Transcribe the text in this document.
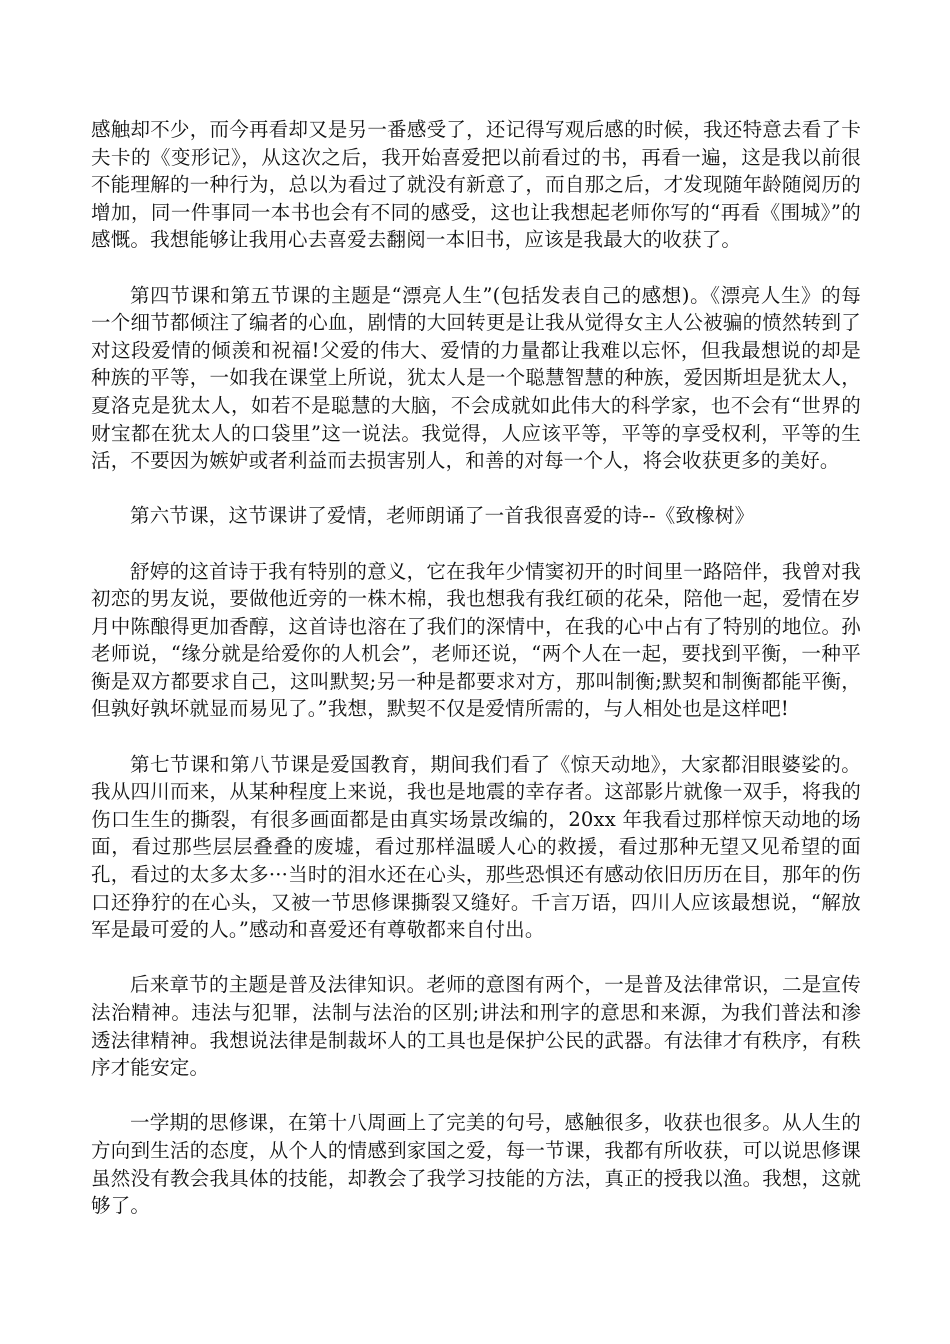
感触却不少，而今再看却又是另一番感受了，还记得写观后感的时候，我还特意去看了卡夫卡的《变形记》，从这次之后，我开始喜爱把以前看过的书，再看一遍，这是我以前很不能理解的一种行为，总以为看过了就没有新意了，而自那之后，才发现随年龄随阅历的增加，同一件事同一本书也会有不同的感受，这也让我想起老师你写的“再看《围城》”的感慨。我想能够让我用心去喜爱去翻阅一本旧书，应该是我最大的收获了。

第四节课和第五节课的主题是“漂亮人生”(包括发表自己的感想)。《漂亮人生》的每一个细节都倾注了编者的心血，剧情的大回转更是让我从觉得女主人公被骗的愤然转到了对这段爱情的倾羡和祝福!父爱的伟大、爱情的力量都让我难以忘怀，但我最想说的却是种族的平等，一如我在课堂上所说，犹太人是一个聪慧智慧的种族，爱因斯坦是犹太人，夏洛克是犹太人，如若不是聪慧的大脑，不会成就如此伟大的科学家，也不会有“世界的财宝都在犹太人的口袋里”这一说法。我觉得，人应该平等，平等的享受权利，平等的生活，不要因为嫉妒或者利益而去损害别人，和善的对每一个人，将会收获更多的美好。

第六节课，这节课讲了爱情，老师朗诵了一首我很喜爱的诗--《致橡树》

舒婷的这首诗于我有特别的意义，它在我年少情窦初开的时间里一路陪伴，我曾对我初恋的男友说，要做他近旁的一株木棉，我也想我有我红硕的花朵，陪他一起，爱情在岁月中陈酿得更加香醇，这首诗也溶在了我们的深情中，在我的心中占有了特别的地位。孙老师说，“缘分就是给爱你的人机会”，老师还说，“两个人在一起，要找到平衡，一种平衡是双方都要求自己，这叫默契;另一种是都要求对方，那叫制衡;默契和制衡都能平衡，但孰好孰坏就显而易见了。”我想，默契不仅是爱情所需的，与人相处也是这样吧!

第七节课和第八节课是爱国教育，期间我们看了《惊天动地》，大家都泪眼婆娑的。我从四川而来，从某种程度上来说，我也是地震的幸存者。这部影片就像一双手，将我的伤口生生的撕裂，有很多画面都是由真实场景改编的，20xx 年我看过那样惊天动地的场面，看过那些层层叠叠的废墟，看过那样温暖人心的救援，看过那种无望又见希望的面孔，看过的太多太多···当时的泪水还在心头，那些恐惧还有感动依旧历历在目，那年的伤口还狰狞的在心头，又被一节思修课撕裂又缝好。千言万语，四川人应该最想说，“解放军是最可爱的人。”感动和喜爱还有尊敬都来自付出。

后来章节的主题是普及法律知识。老师的意图有两个，一是普及法律常识，二是宣传法治精神。违法与犯罪，法制与法治的区别;讲法和刑字的意思和来源，为我们普法和渗透法律精神。我想说法律是制裁坏人的工具也是保护公民的武器。有法律才有秩序，有秩序才能安定。

一学期的思修课，在第十八周画上了完美的句号，感触很多，收获也很多。从人生的方向到生活的态度，从个人的情感到家国之爱，每一节课，我都有所收获，可以说思修课虽然没有教会我具体的技能，却教会了我学习技能的方法，真正的授我以渔。我想，这就够了。
